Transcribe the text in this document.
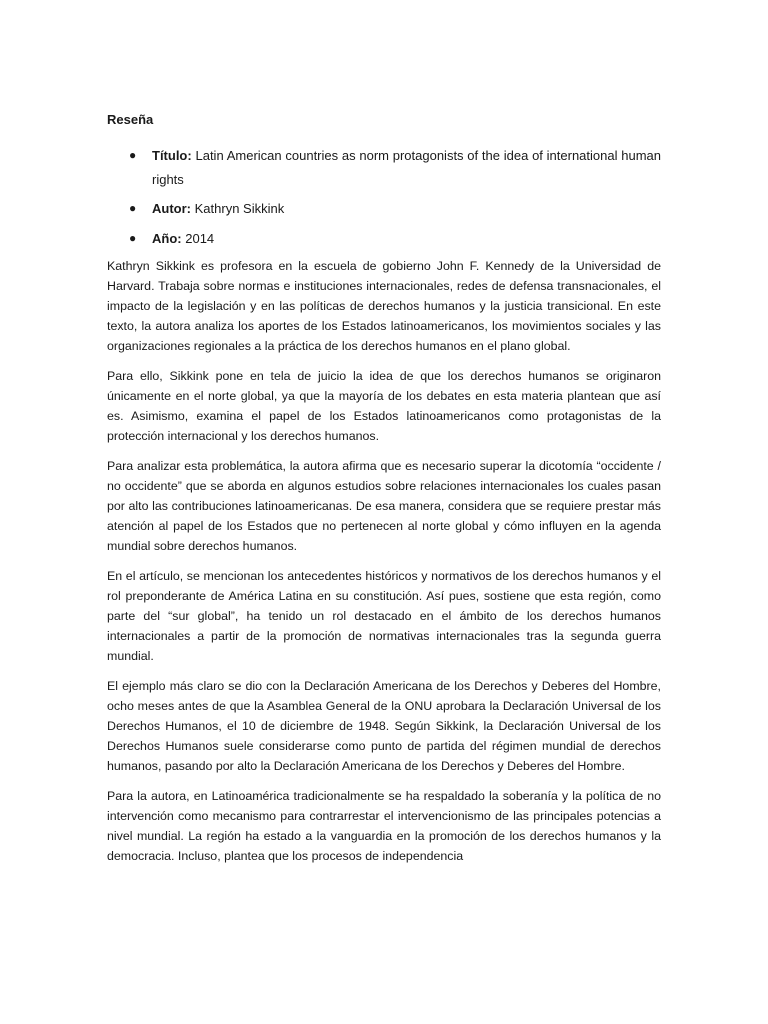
Reseña
● Título: Latin American countries as norm protagonists of the idea of international human rights
● Autor: Kathryn Sikkink
● Año: 2014

Kathryn Sikkink es profesora en la escuela de gobierno John F. Kennedy de la Universidad de Harvard. Trabaja sobre normas e instituciones internacionales, redes de defensa transnacionales, el impacto de la legislación y en las políticas de derechos humanos y la justicia transicional. En este texto, la autora analiza los aportes de los Estados latinoamericanos, los movimientos sociales y las organizaciones regionales a la práctica de los derechos humanos en el plano global.

Para ello, Sikkink pone en tela de juicio la idea de que los derechos humanos se originaron únicamente en el norte global, ya que la mayoría de los debates en esta materia plantean que así es. Asimismo, examina el papel de los Estados latinoamericanos como protagonistas de la protección internacional y los derechos humanos.

Para analizar esta problemática, la autora afirma que es necesario superar la dicotomía “occidente / no occidente” que se aborda en algunos estudios sobre relaciones internacionales los cuales pasan por alto las contribuciones latinoamericanas. De esa manera, considera que se requiere prestar más atención al papel de los Estados que no pertenecen al norte global y cómo influyen en la agenda mundial sobre derechos humanos.

En el artículo, se mencionan los antecedentes históricos y normativos de los derechos humanos y el rol preponderante de América Latina en su constitución. Así pues, sostiene que esta región, como parte del “sur global”, ha tenido un rol destacado en el ámbito de los derechos humanos internacionales a partir de la promoción de normativas internacionales tras la segunda guerra mundial.

El ejemplo más claro se dio con la Declaración Americana de los Derechos y Deberes del Hombre, ocho meses antes de que la Asamblea General de la ONU aprobara la Declaración Universal de los Derechos Humanos, el 10 de diciembre de 1948. Según Sikkink, la Declaración Universal de los Derechos Humanos suele considerarse como punto de partida del régimen mundial de derechos humanos, pasando por alto la Declaración Americana de los Derechos y Deberes del Hombre.

Para la autora, en Latinoamérica tradicionalmente se ha respaldado la soberanía y la política de no intervención como mecanismo para contrarrestar el intervencionismo de las principales potencias a nivel mundial. La región ha estado a la vanguardia en la promoción de los derechos humanos y la democracia. Incluso, plantea que los procesos de independencia
